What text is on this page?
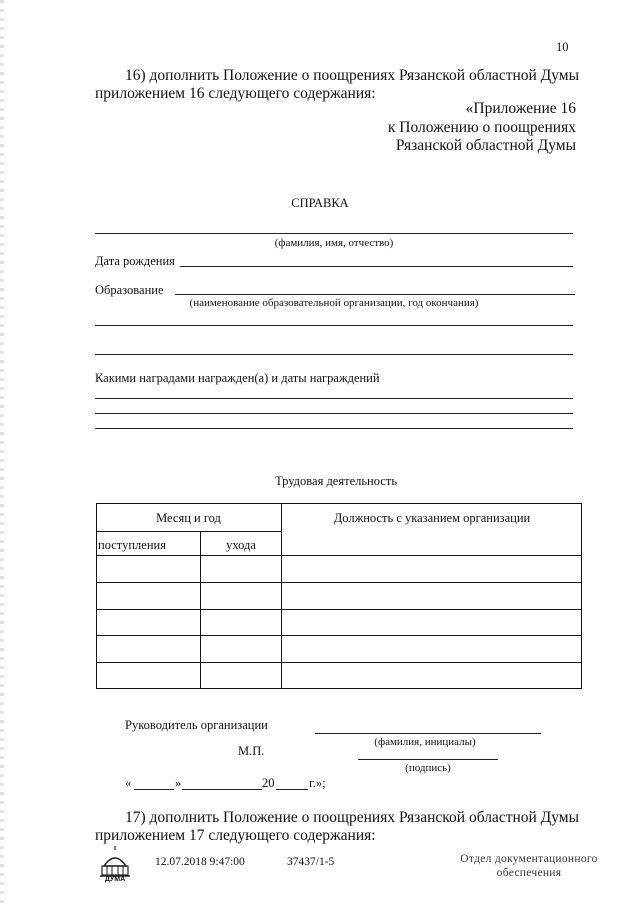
10
16) дополнить Положение о поощрениях Рязанской областной Думы
приложением 16 следующего содержания:
«Приложение 16
к Положению о поощрениях
Рязанской областной Думы
СПРАВКА
(фамилия, имя, отчество)
Дата рождения
Образование
(наименование образовательной организации, год окончания)
Какими наградами награжден(а) и даты награждений
Трудовая деятельность
Месяц и год	Должность с указанием организации
поступления	ухода
Руководитель организации
(фамилия, инициалы)
М.П.
(подпись)
«	»	20	г.»;
17) дополнить Положение о поощрениях Рязанской областной Думы
приложением 17 следующего содержания:
ДУМА
12.07.2018 9:47:00	37437/1-5	Отдел документационного
обеспечения
